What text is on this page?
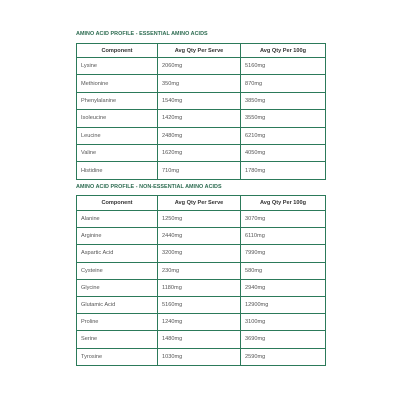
AMINO ACID PROFILE - ESSENTIAL AMINO ACIDS
Component	Avg Qty Per Serve	Avg Qty Per 100g
Lysine	2060mg	5160mg
Methionine	350mg	870mg
Phenylalanine	1540mg	3850mg
Isoleucine	1420mg	3550mg
Leucine	2480mg	6210mg
Valine	1620mg	4050mg
Histidine	710mg	1780mg
AMINO ACID PROFILE - NON-ESSENTIAL AMINO ACIDS
Component	Avg Qty Per Serve	Avg Qty Per 100g
Alanine	1250mg	3070mg
Arginine	2440mg	6110mg
Aspartic Acid	3200mg	7990mg
Cysteine	230mg	580mg
Glycine	1180mg	2940mg
Glutamic Acid	5160mg	12900mg
Proline	1240mg	3100mg
Serine	1480mg	3690mg
Tyrosine	1030mg	2590mg
